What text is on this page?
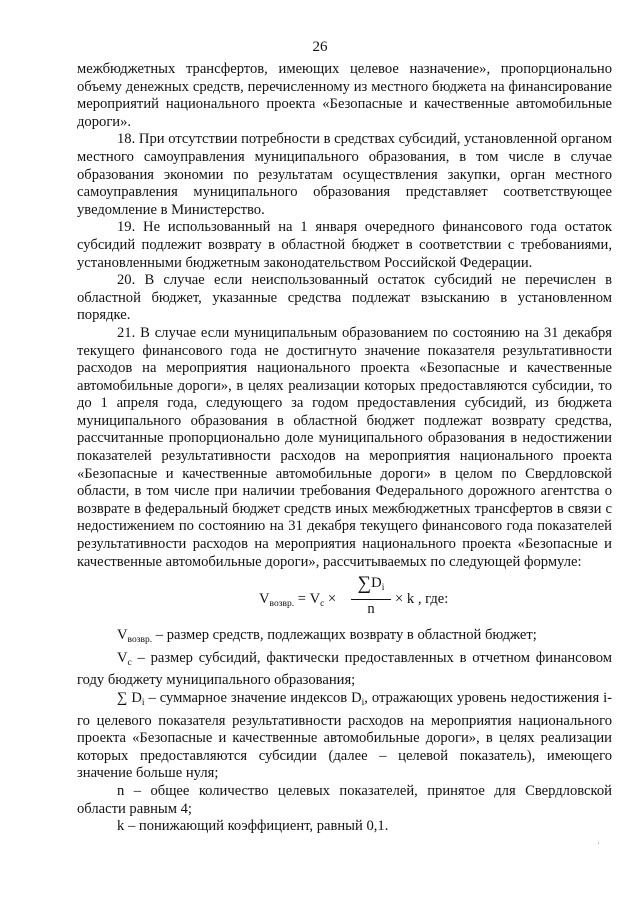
26

межбюджетных трансфертов, имеющих целевое назначение», пропорционально объему денежных средств, перечисленному из местного бюджета на финансирование мероприятий национального проекта «Безопасные и качественные автомобильные дороги».

18. При отсутствии потребности в средствах субсидий, установленной органом местного самоуправления муниципального образования, в том числе в случае образования экономии по результатам осуществления закупки, орган местного самоуправления муниципального образования представляет соответствующее уведомление в Министерство.

19. Не использованный на 1 января очередного финансового года остаток субсидий подлежит возврату в областной бюджет в соответствии с требованиями, установленными бюджетным законодательством Российской Федерации.

20. В случае если неиспользованный остаток субсидий не перечислен в областной бюджет, указанные средства подлежат взысканию в установленном порядке.

21. В случае если муниципальным образованием по состоянию на 31 декабря текущего финансового года не достигнуто значение показателя результативности расходов на мероприятия национального проекта «Безопасные и качественные автомобильные дороги», в целях реализации которых предоставляются субсидии, то до 1 апреля года, следующего за годом предоставления субсидий, из бюджета муниципального образования в областной бюджет подлежат возврату средства, рассчитанные пропорционально доле муниципального образования в недостижении показателей результативности расходов на мероприятия национального проекта «Безопасные и качественные автомобильные дороги» в целом по Свердловской области, в том числе при наличии требования Федерального дорожного агентства о возврате в федеральный бюджет средств иных межбюджетных трансфертов в связи с недостижением по состоянию на 31 декабря текущего финансового года показателей результативности расходов на мероприятия национального проекта «Безопасные и качественные автомобильные дороги», рассчитываемых по следующей формуле:

$V_{возвр.} = V_c \times \frac{\sum D_i}{n} \times k$ , где:

$V_{возвр.}$ – размер средств, подлежащих возврату в областной бюджет;

$V_c$ – размер субсидий, фактически предоставленных в отчетном финансовом году бюджету муниципального образования;

∑ $D_i$ – суммарное значение индексов $D_i$, отражающих уровень недостижения i-го целевого показателя результативности расходов на мероприятия национального проекта «Безопасные и качественные автомобильные дороги», в целях реализации которых предоставляются субсидии (далее – целевой показатель), имеющего значение больше нуля;

n – общее количество целевых показателей, принятое для Свердловской области равным 4;

k – понижающий коэффициент, равный 0,1.
